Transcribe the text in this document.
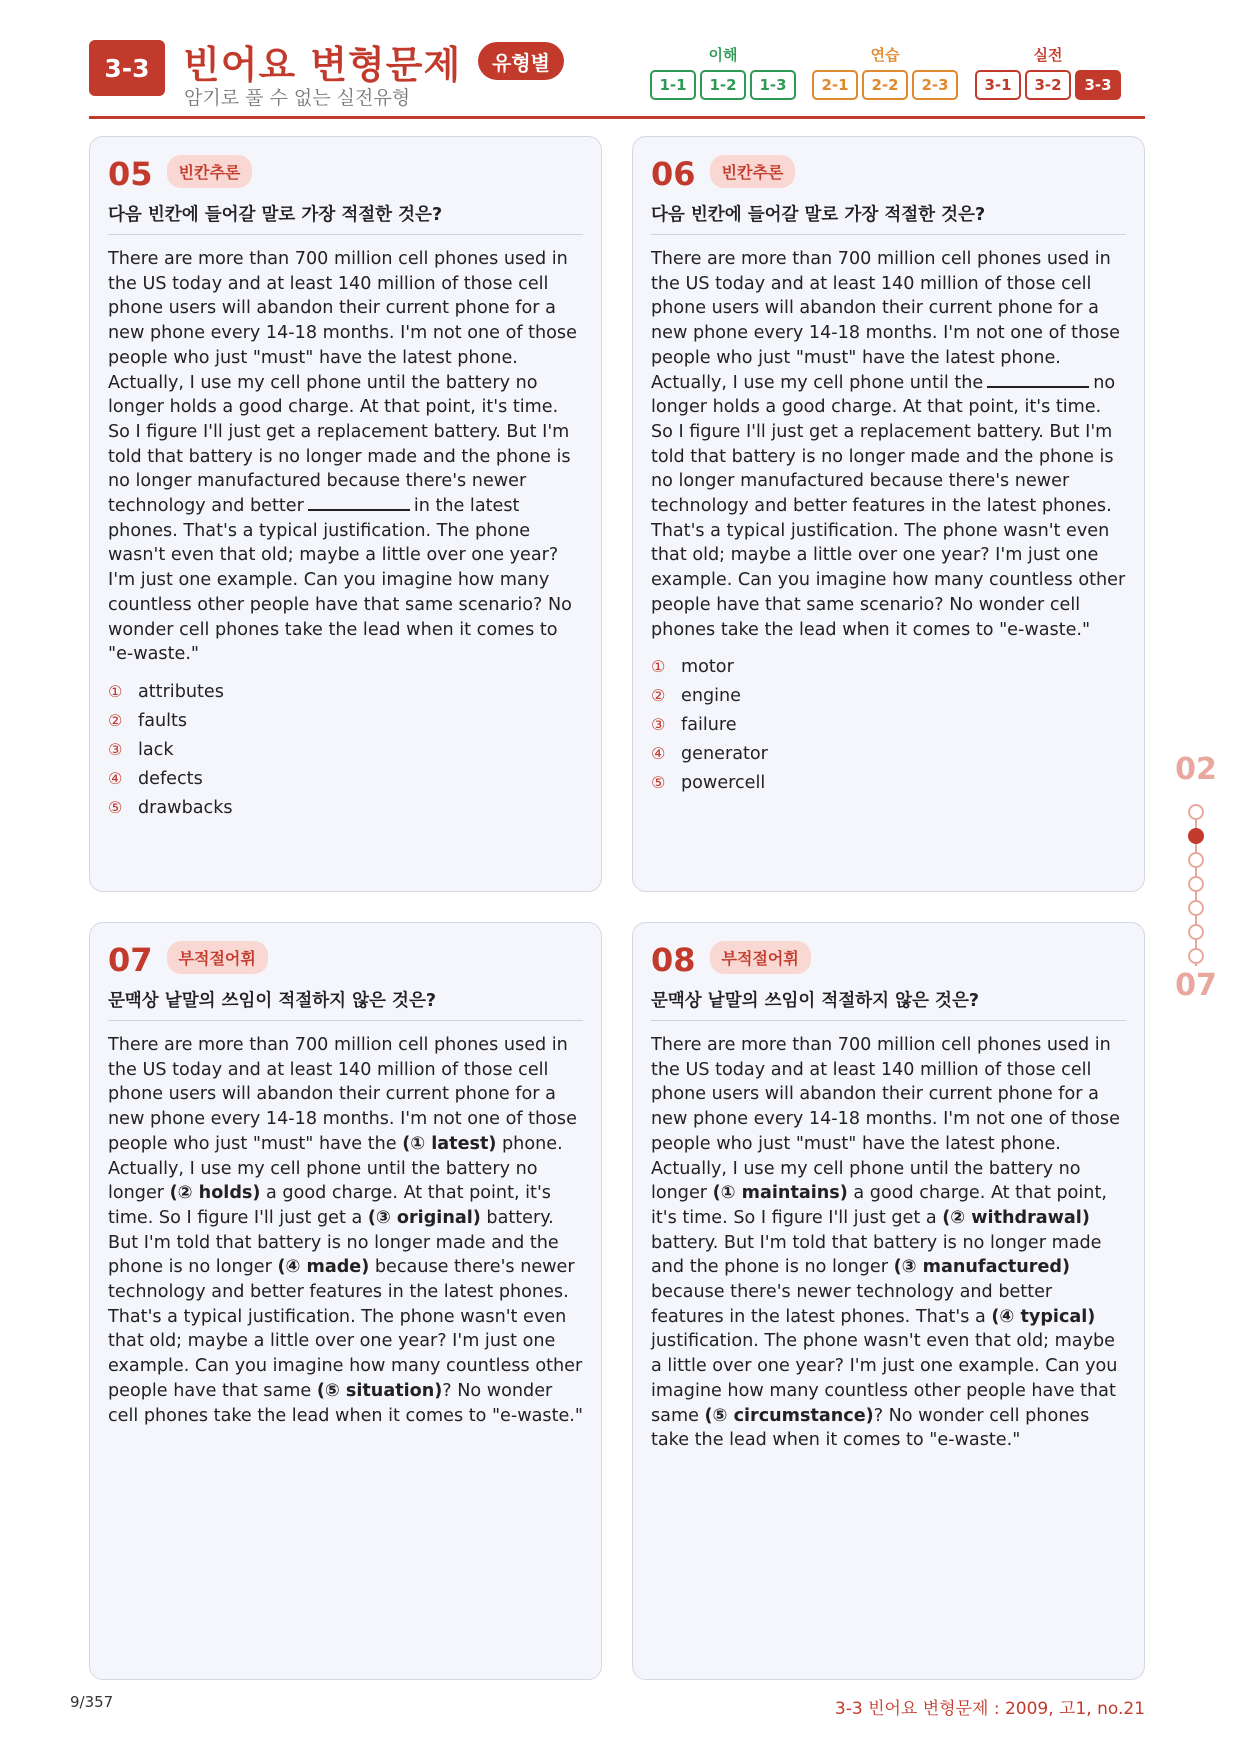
3-3 빈어요 변형문제	유형별
암기로 풀 수 없는 실전유형
이해
1-1	1-2	1-3
연습
2-1	2-2	2-3
실전
3-1	3-2	3-3
05 빈칸추론
다음 빈칸에 들어갈 말로 가장 적절한 것은?
There are more than 700 million cell phones used in the US today and at least 140 million of those cell phone users will abandon their current phone for a new phone every 14-18 months. I'm not one of those people who just "must" have the latest phone. Actually, I use my cell phone until the battery no longer holds a good charge. At that point, it's time. So I figure I'll just get a replacement battery. But I'm told that battery is no longer made and the phone is no longer manufactured because there's newer technology and better	in the latest phones. That's a typical justification. The phone wasn't even that old; maybe a little over one year? I'm just one example. Can you imagine how many countless other people have that same scenario? No wonder cell phones take the lead when it comes to "e-waste."
① attributes
② faults
③ lack
④ defects
⑤ drawbacks
06 빈칸추론
다음 빈칸에 들어갈 말로 가장 적절한 것은?
There are more than 700 million cell phones used in the US today and at least 140 million of those cell phone users will abandon their current phone for a new phone every 14-18 months. I'm not one of those people who just "must" have the latest phone. Actually, I use my cell phone until the	no longer holds a good charge. At that point, it's time. So I figure I'll just get a replacement battery. But I'm told that battery is no longer made and the phone is no longer manufactured because there's newer technology and better features in the latest phones. That's a typical justification. The phone wasn't even that old; maybe a little over one year? I'm just one example. Can you imagine how many countless other people have that same scenario? No wonder cell phones take the lead when it comes to "e-waste."
① motor
② engine
③ failure
④ generator
⑤ powercell
07 부적절어휘
문맥상 낱말의 쓰임이 적절하지 않은 것은?
There are more than 700 million cell phones used in the US today and at least 140 million of those cell phone users will abandon their current phone for a new phone every 14-18 months. I'm not one of those people who just "must" have the (① latest) phone. Actually, I use my cell phone until the battery no longer (② holds) a good charge. At that point, it's time. So I figure I'll just get a (③ original) battery. But I'm told that battery is no longer made and the phone is no longer (④ made) because there's newer technology and better features in the latest phones. That's a typical justification. The phone wasn't even that old; maybe a little over one year? I'm just one example. Can you imagine how many countless other people have that same (⑤ situation)? No wonder cell phones take the lead when it comes to "e-waste."
08 부적절어휘
문맥상 낱말의 쓰임이 적절하지 않은 것은?
There are more than 700 million cell phones used in the US today and at least 140 million of those cell phone users will abandon their current phone for a new phone every 14-18 months. I'm not one of those people who just "must" have the latest phone. Actually, I use my cell phone until the battery no longer (① maintains) a good charge. At that point, it's time. So I figure I'll just get a (② withdrawal) battery. But I'm told that battery is no longer made and the phone is no longer (③ manufactured) because there's newer technology and better features in the latest phones. That's a (④ typical) justification. The phone wasn't even that old; maybe a little over one year? I'm just one example. Can you imagine how many countless other people have that same (⑤ circumstance)? No wonder cell phones take the lead when it comes to "e-waste."
02
07
9/357	3-3 빈어요 변형문제 : 2009, 고1, no.21
